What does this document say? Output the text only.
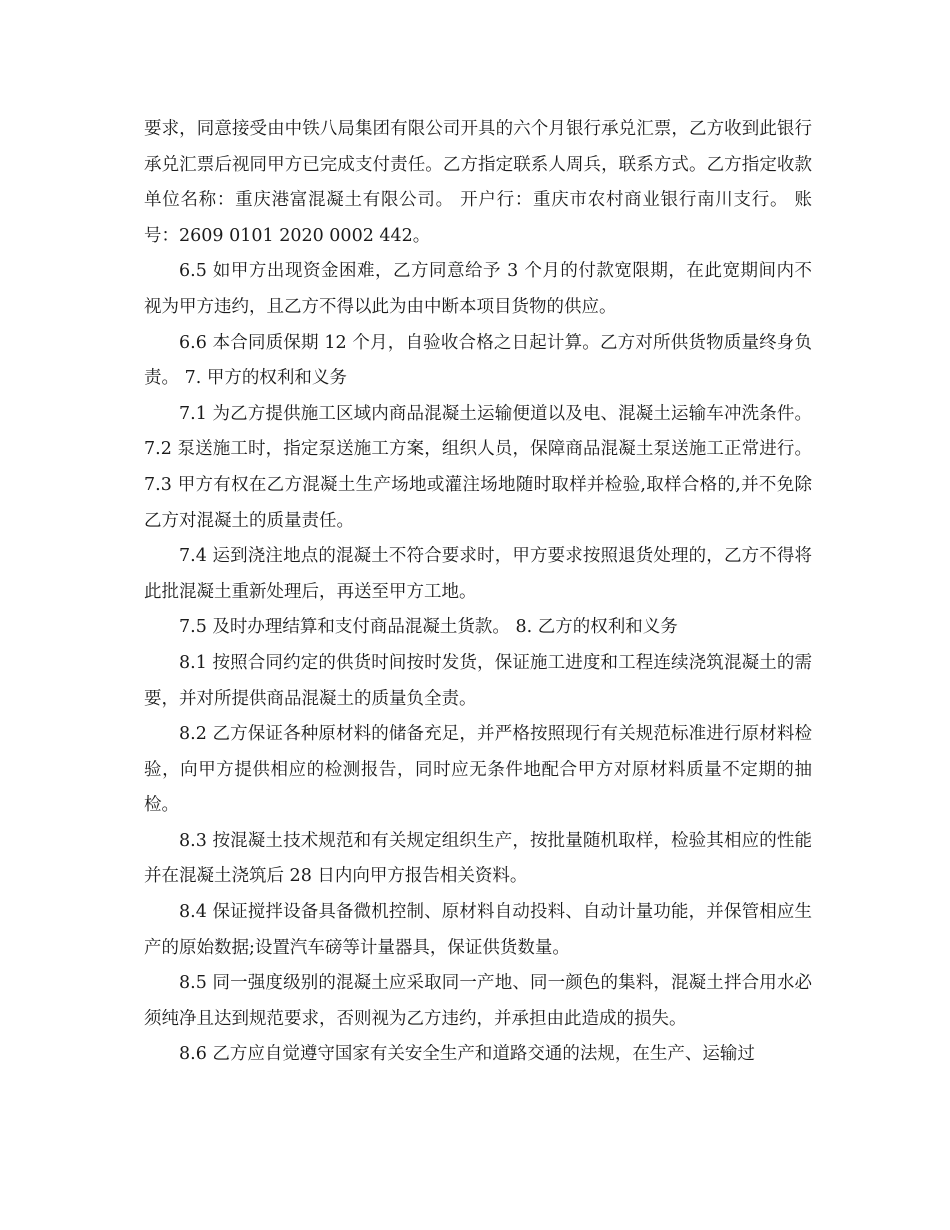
要求，同意接受由中铁八局集团有限公司开具的六个月银行承兑汇票，乙方收到此银行承兑汇票后视同甲方已完成支付责任。乙方指定联系人周兵，联系方式。乙方指定收款单位名称：重庆港富混凝土有限公司。 开户行：重庆市农村商业银行南川支行。 账号：2609 0101 2020 0002 442。

6.5 如甲方出现资金困难，乙方同意给予 3 个月的付款宽限期，在此宽期间内不视为甲方违约，且乙方不得以此为由中断本项目货物的供应。

6.6 本合同质保期 12 个月，自验收合格之日起计算。乙方对所供货物质量终身负责。 7. 甲方的权利和义务

7.1 为乙方提供施工区域内商品混凝土运输便道以及电、混凝土运输车冲洗条件。 7.2 泵送施工时，指定泵送施工方案，组织人员，保障商品混凝土泵送施工正常进行。 7.3 甲方有权在乙方混凝土生产场地或灌注场地随时取样并检验,取样合格的,并不免除乙方对混凝土的质量责任。

7.4 运到浇注地点的混凝土不符合要求时，甲方要求按照退货处理的，乙方不得将此批混凝土重新处理后，再送至甲方工地。

7.5 及时办理结算和支付商品混凝土货款。 8. 乙方的权利和义务

8.1 按照合同约定的供货时间按时发货，保证施工进度和工程连续浇筑混凝土的需要，并对所提供商品混凝土的质量负全责。

8.2 乙方保证各种原材料的储备充足，并严格按照现行有关规范标准进行原材料检验，向甲方提供相应的检测报告，同时应无条件地配合甲方对原材料质量不定期的抽检。

8.3 按混凝土技术规范和有关规定组织生产，按批量随机取样，检验其相应的性能并在混凝土浇筑后 28 日内向甲方报告相关资料。

8.4 保证搅拌设备具备微机控制、原材料自动投料、自动计量功能，并保管相应生产的原始数据;设置汽车磅等计量器具，保证供货数量。

8.5 同一强度级别的混凝土应采取同一产地、同一颜色的集料，混凝土拌合用水必须纯净且达到规范要求，否则视为乙方违约，并承担由此造成的损失。

8.6 乙方应自觉遵守国家有关安全生产和道路交通的法规，在生产、运输过
